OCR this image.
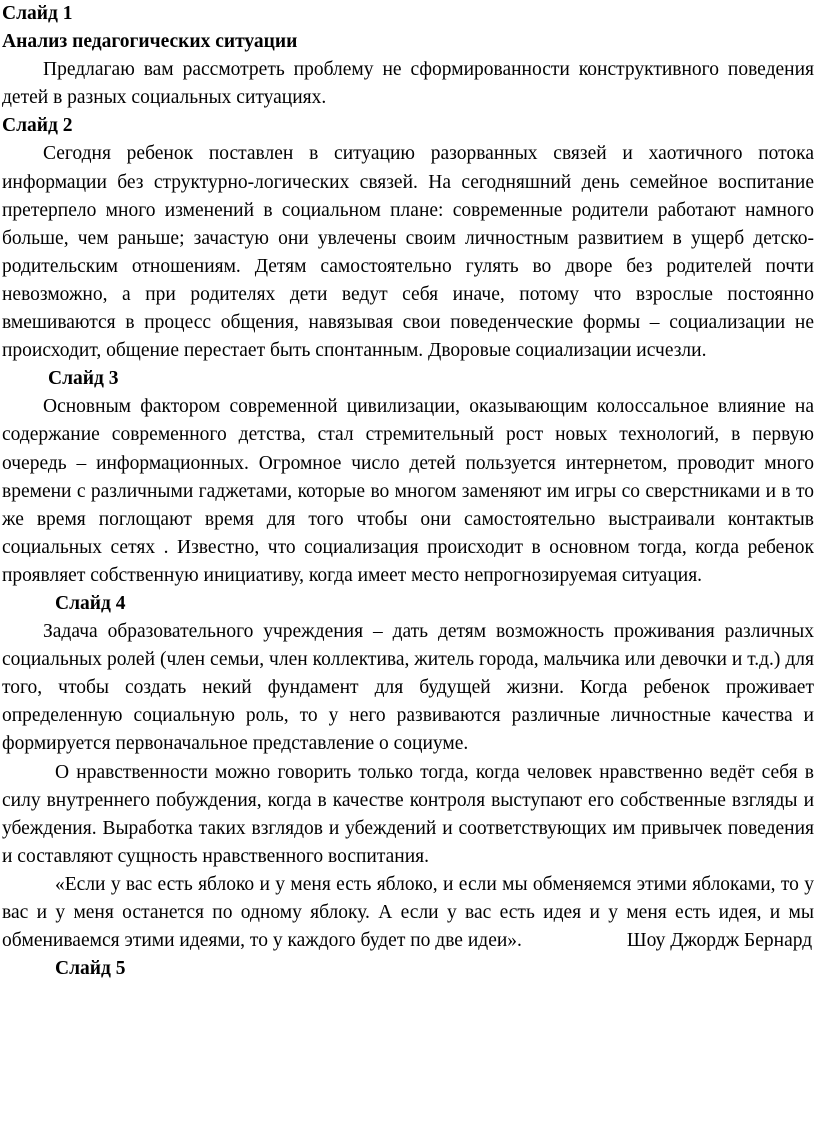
Слайд 1
Анализ педагогических ситуации

Предлагаю вам рассмотреть проблему не сформированности конструктивного поведения детей в разных социальных ситуациях.

Слайд 2

Сегодня ребенок поставлен в ситуацию разорванных связей и хаотичного потока информации без структурно-логических связей. На сегодняшний день семейное воспитание претерпело много изменений в социальном плане: современные родители работают намного больше, чем раньше; зачастую они увлечены своим личностным развитием в ущерб детско-родительским отношениям. Детям самостоятельно гулять во дворе без родителей почти невозможно, а при родителях дети ведут себя иначе, потому что взрослые постоянно вмешиваются в процесс общения, навязывая свои поведенческие формы – социализации не происходит, общение перестает быть спонтанным. Дворовые социализации исчезли.

Слайд 3

Основным фактором современной цивилизации, оказывающим колоссальное влияние на содержание современного детства, стал стремительный рост новых технологий, в первую очередь – информационных. Огромное число детей пользуется интернетом, проводит много времени с различными гаджетами, которые во многом заменяют им игры со сверстниками и в то же время поглощают время для того чтобы они самостоятельно выстраивали контактыв социальных сетях . Известно, что социализация происходит в основном тогда, когда ребенок проявляет собственную инициативу, когда имеет место непрогнозируемая ситуация.

Слайд 4

Задача образовательного учреждения – дать детям возможность проживания различных социальных ролей (член семьи, член коллектива, житель города, мальчика или девочки и т.д.) для того, чтобы создать некий фундамент для будущей жизни. Когда ребенок проживает определенную социальную роль, то у него развиваются различные личностные качества и формируется первоначальное представление о социуме.

О нравственности можно говорить только тогда, когда человек нравственно ведёт себя в силу внутреннего побуждения, когда в качестве контроля выступают его собственные взгляды и убеждения. Выработка таких взглядов и убеждений и соответствующих им привычек поведения и составляют сущность нравственного воспитания.

«Если у вас есть яблоко и у меня есть яблоко, и если мы обменяемся этими яблоками, то у вас и у меня останется по одному яблоку. А если у вас есть идея и у меня есть идея, и мы обмениваемся этими идеями, то у каждого будет по две идеи».	Шоу Джордж Бернард

Слайд 5
